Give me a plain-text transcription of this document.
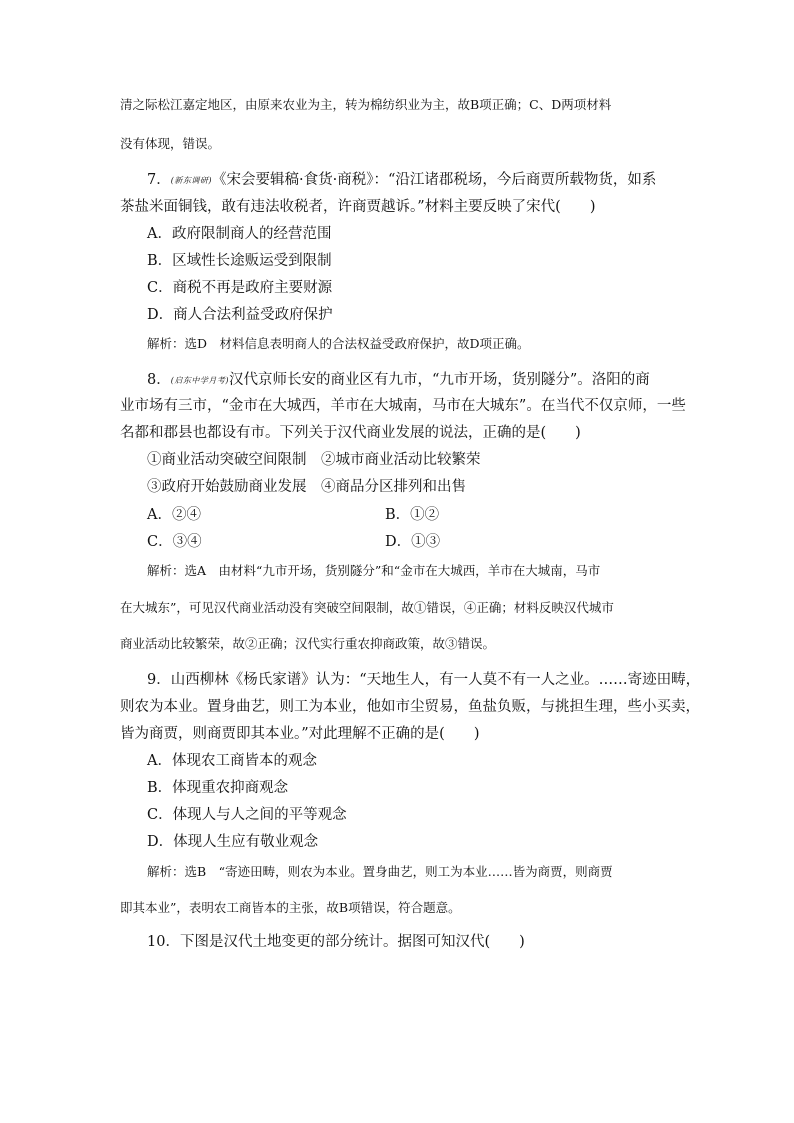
清之际松江嘉定地区，由原来农业为主，转为棉纺织业为主，故B项正确；C、D两项材料
没有体现，错误。
7．(新东调研)《宋会要辑稿·食货·商税》：“沿江诸郡税场，今后商贾所载物货，如系
茶盐米面铜钱，敢有违法收税者，许商贾越诉。”材料主要反映了宋代(　　)
A．政府限制商人的经营范围
B．区域性长途贩运受到限制
C．商税不再是政府主要财源
D．商人合法利益受政府保护
解析：选D　材料信息表明商人的合法权益受政府保护，故D项正确。
8．(启东中学月考)汉代京师长安的商业区有九市，“九市开场，货别隧分”。洛阳的商
业市场有三市，“金市在大城西，羊市在大城南，马市在大城东”。在当代不仅京师，一些
名都和郡县也都设有市。下列关于汉代商业发展的说法，正确的是(　　)
①商业活动突破空间限制　②城市商业活动比较繁荣
③政府开始鼓励商业发展　④商品分区排列和出售
A．②④	B．①②
C．③④	D．①③
解析：选A　由材料“九市开场，货别隧分”和“金市在大城西，羊市在大城南，马市
在大城东”，可见汉代商业活动没有突破空间限制，故①错误，④正确；材料反映汉代城市
商业活动比较繁荣，故②正确；汉代实行重农抑商政策，故③错误。
9．山西柳林《杨氏家谱》认为：“天地生人，有一人莫不有一人之业。……寄迹田畴，
则农为本业。置身曲艺，则工为本业，他如市尘贸易，鱼盐负贩，与挑担生理，些小买卖，
皆为商贾，则商贾即其本业。”对此理解不正确的是(　　)
A．体现农工商皆本的观念
B．体现重农抑商观念
C．体现人与人之间的平等观念
D．体现人生应有敬业观念
解析：选B　“寄迹田畴，则农为本业。置身曲艺，则工为本业……皆为商贾，则商贾
即其本业”，表明农工商皆本的主张，故B项错误，符合题意。
10．下图是汉代土地变更的部分统计。据图可知汉代(　　)
